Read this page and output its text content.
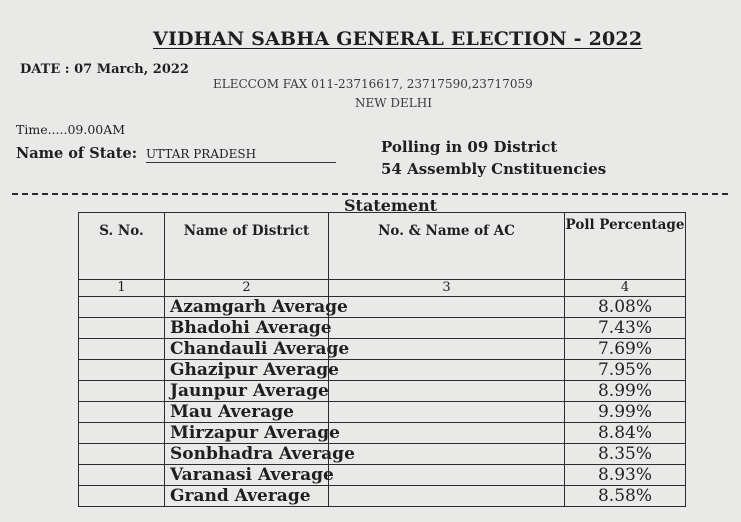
VIDHAN SABHA GENERAL ELECTION - 2022
DATE : 07 March, 2022
ELECCOM FAX 011-23716617, 23717590,23717059
NEW DELHI
Time.....09.00AM
Name of State: UTTAR PRADESH	Polling in 09 District
54 Assembly Cnstituencies
Statement
S. No.	Name of District	No. & Name of AC	Poll Percentage
1	2	3	4
	Azamgarh Average		8.08%
	Bhadohi Average		7.43%
	Chandauli Average		7.69%
	Ghazipur Average		7.95%
	Jaunpur Average		8.99%
	Mau Average		9.99%
	Mirzapur Average		8.84%
	Sonbhadra Average		8.35%
	Varanasi Average		8.93%
	Grand Average		8.58%
